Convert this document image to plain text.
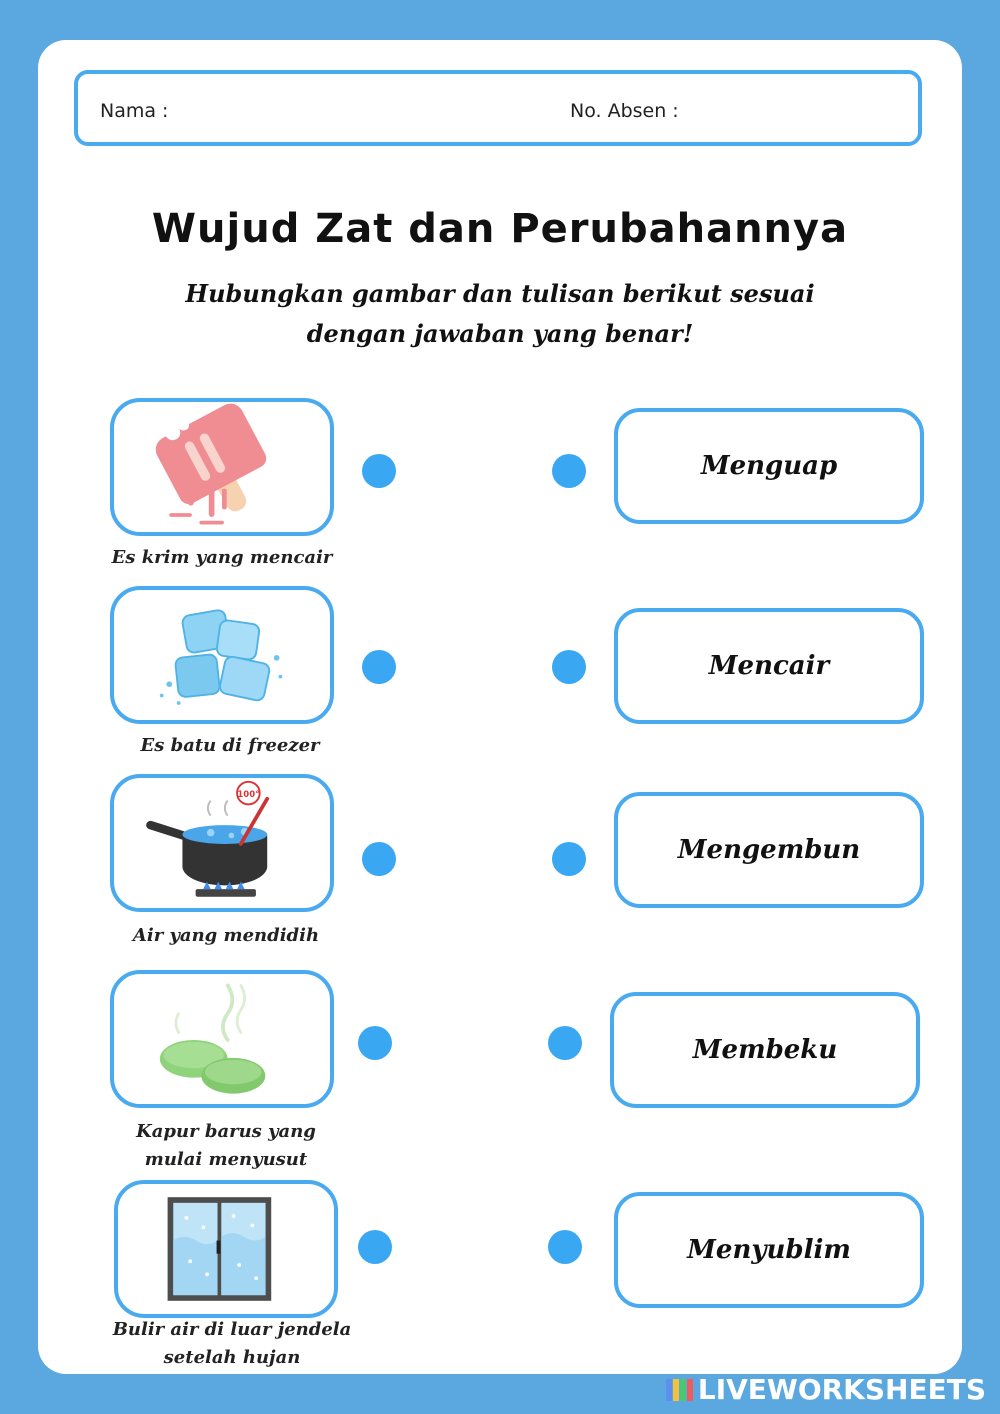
Nama :	No. Absen :
Wujud Zat dan Perubahannya
Hubungkan gambar dan tulisan berikut sesuai
dengan jawaban yang benar!
Es krim yang mencair
Menguap
Es batu di freezer
Mencair
100°
Air yang mendidih
Mengembun
Kapur barus yang
mulai menyusut
Membeku
Bulir air di luar jendela
setelah hujan
Menyublim
LIVEWORKSHEETS
